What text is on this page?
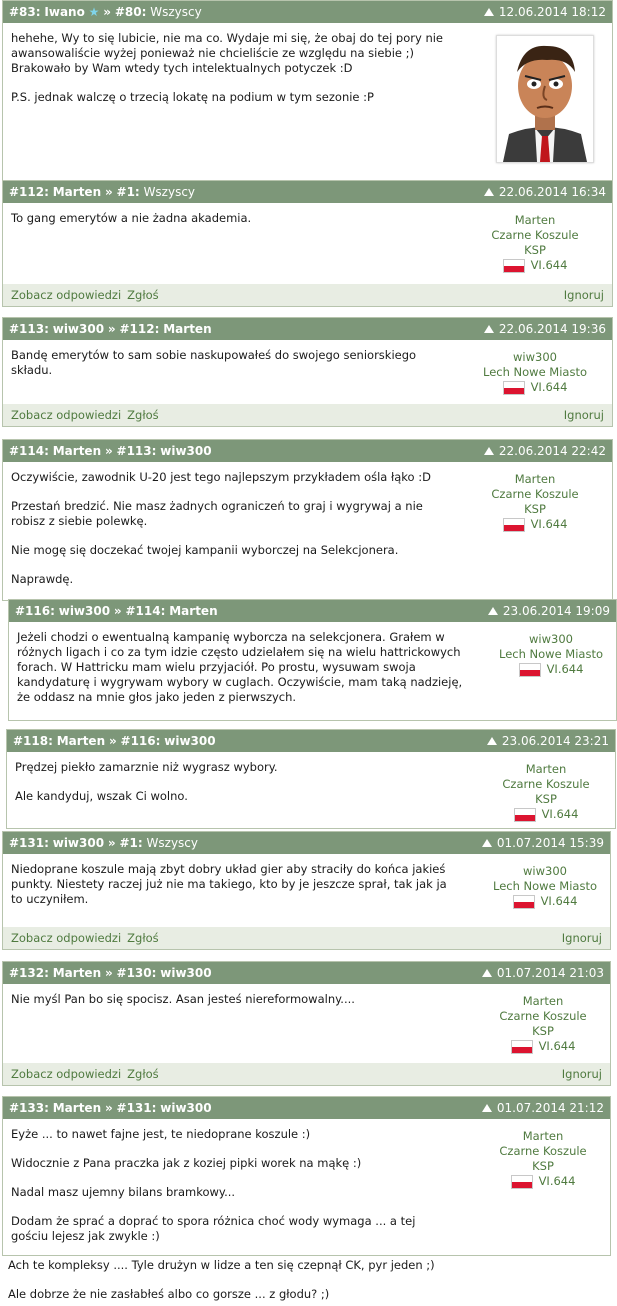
#83: Iwano ★ » #80: Wszyscy	12.06.2014 18:12

hehehe, Wy to się lubicie, nie ma co. Wydaje mi się, że obaj do tej pory nie awansowaliście wyżej ponieważ nie chcieliście ze względu na siebie ;) Brakowało by Wam wtedy tych intelektualnych potyczek :D

P.S. jednak walczę o trzecią lokatę na podium w tym sezonie :P

#112: Marten » #1: Wszyscy	22.06.2014 16:34

To gang emerytów a nie żadna akademia.	Marten
Czarne Koszule
KSP
VI.644
Zobacz odpowiedzi Zgłoś	Ignoruj
#113: wiw300 » #112: Marten	22.06.2014 19:36

Bandę emerytów to sam sobie naskupowałeś do swojego seniorskiego składu.

wiw300
Lech Nowe Miasto
VI.644
Zobacz odpowiedzi Zgłoś	Ignoruj
#114: Marten » #113: wiw300	22.06.2014 22:42

Oczywiście, zawodnik U-20 jest tego najlepszym przykładem ośla łąko :D

Przestań bredzić. Nie masz żadnych ograniczeń to graj i wygrywaj a nie robisz z siebie polewkę.

Nie mogę się doczekać twojej kampanii wyborczej na Selekcjonera.

Naprawdę.

Marten
Czarne Koszule
KSP
VI.644
#116: wiw300 » #114: Marten	23.06.2014 19:09

Jeżeli chodzi o ewentualną kampanię wyborcza na selekcjonera. Grałem w różnych ligach i co za tym idzie często udzielałem się na wielu hattrickowych forach. W Hattricku mam wielu przyjaciół. Po prostu, wysuwam swoja kandydaturę i wygrywam wybory w cuglach. Oczywiście, mam taką nadzieję, że oddasz na mnie głos jako jeden z pierwszych.

wiw300
Lech Nowe Miasto
VI.644
#118: Marten » #116: wiw300	23.06.2014 23:21

Prędzej piekło zamarznie niż wygrasz wybory.

Ale kandyduj, wszak Ci wolno.

Marten
Czarne Koszule
KSP
VI.644
#131: wiw300 » #1: Wszyscy	01.07.2014 15:39

Niedoprane koszule mają zbyt dobry układ gier aby straciły do końca jakieś punkty. Niestety raczej już nie ma takiego, kto by je jeszcze sprał, tak jak ja to uczyniłem.

wiw300
Lech Nowe Miasto
VI.644
Zobacz odpowiedzi Zgłoś	Ignoruj
#132: Marten » #130: wiw300	01.07.2014 21:03

Nie myśl Pan bo się spocisz. Asan jesteś niereformowalny....	Marten
Czarne Koszule
KSP
VI.644
Zobacz odpowiedzi Zgłoś	Ignoruj
#133: Marten » #131: wiw300	01.07.2014 21:12

Eyże ... to nawet fajne jest, te niedoprane koszule :)

Widocznie z Pana praczka jak z koziej pipki worek na mąkę :)

Nadal masz ujemny bilans bramkowy...

Dodam że sprać a doprać to spora różnica choć wody wymaga ... a tej gościu lejesz jak zwykle :)

Marten
Czarne Koszule
KSP
VI.644
Ach te kompleksy .... Tyle drużyn w lidze a ten się czepnął CK, pyr jeden ;)
Ale dobrze że nie zasłabłeś albo co gorsze ... z głodu? ;)
